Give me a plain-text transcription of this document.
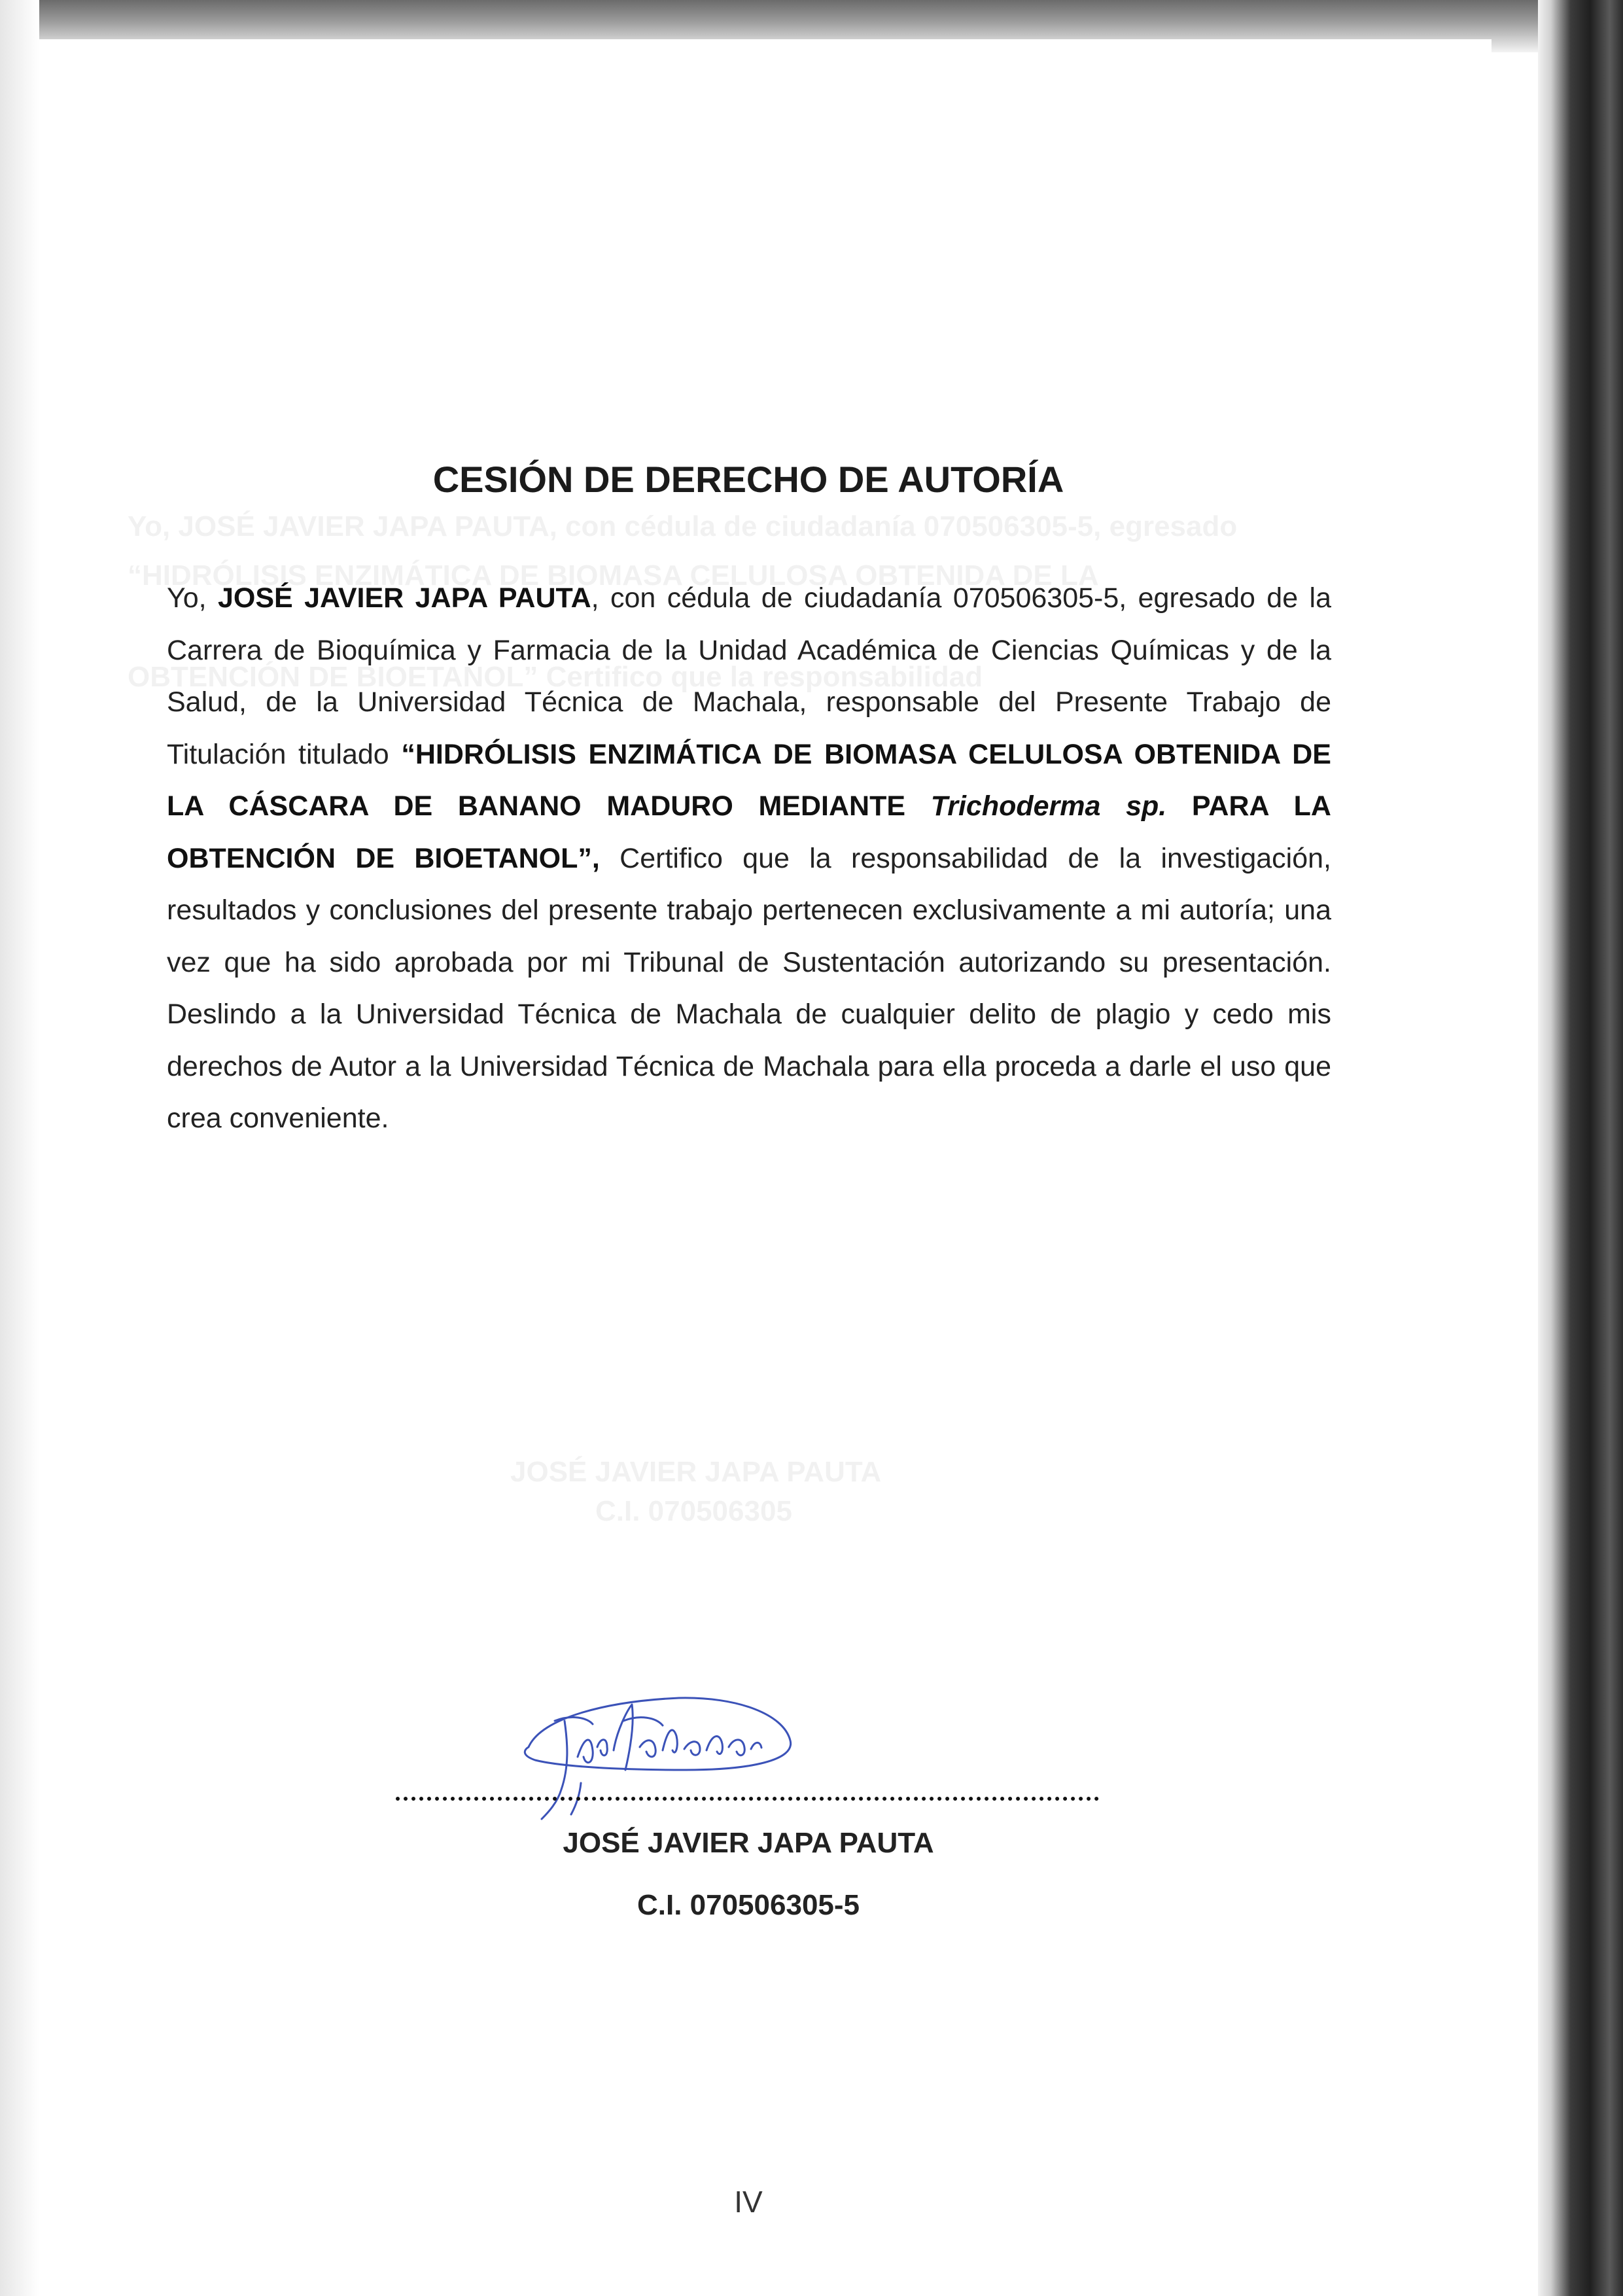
Yo, JOSÉ JAVIER JAPA PAUTA, con cédula de ciudadanía 070506305-5, egresado
“HIDRÓLISIS ENZIMÁTICA DE BIOMASA CELULOSA OBTENIDA DE LA
OBTENCIÓN DE BIOETANOL” Certifico que la responsabilidad
JOSÉ JAVIER JAPA PAUTA
C.I. 070506305
CESIÓN DE DERECHO DE AUTORÍA

Yo, JOSÉ JAVIER JAPA PAUTA, con cédula de ciudadanía 070506305-5, egresado de la Carrera de Bioquímica y Farmacia de la Unidad Académica de Ciencias Químicas y de la Salud, de la Universidad Técnica de Machala, responsable del Presente Trabajo de Titulación titulado “HIDRÓLISIS ENZIMÁTICA DE BIOMASA CELULOSA OBTENIDA DE LA CÁSCARA DE BANANO MADURO MEDIANTE Trichoderma sp. PARA LA OBTENCIÓN DE BIOETANOL”, Certifico que la responsabilidad de la investigación, resultados y conclusiones del presente trabajo pertenecen exclusivamente a mi autoría; una vez que ha sido aprobada por mi Tribunal de Sustentación autorizando su presentación. Deslindo a la Universidad Técnica de Machala de cualquier delito de plagio y cedo mis derechos de Autor a la Universidad Técnica de Machala para ella proceda a darle el uso que crea conveniente.

JOSÉ JAVIER JAPA PAUTA

C.I. 070506305-5

IV
